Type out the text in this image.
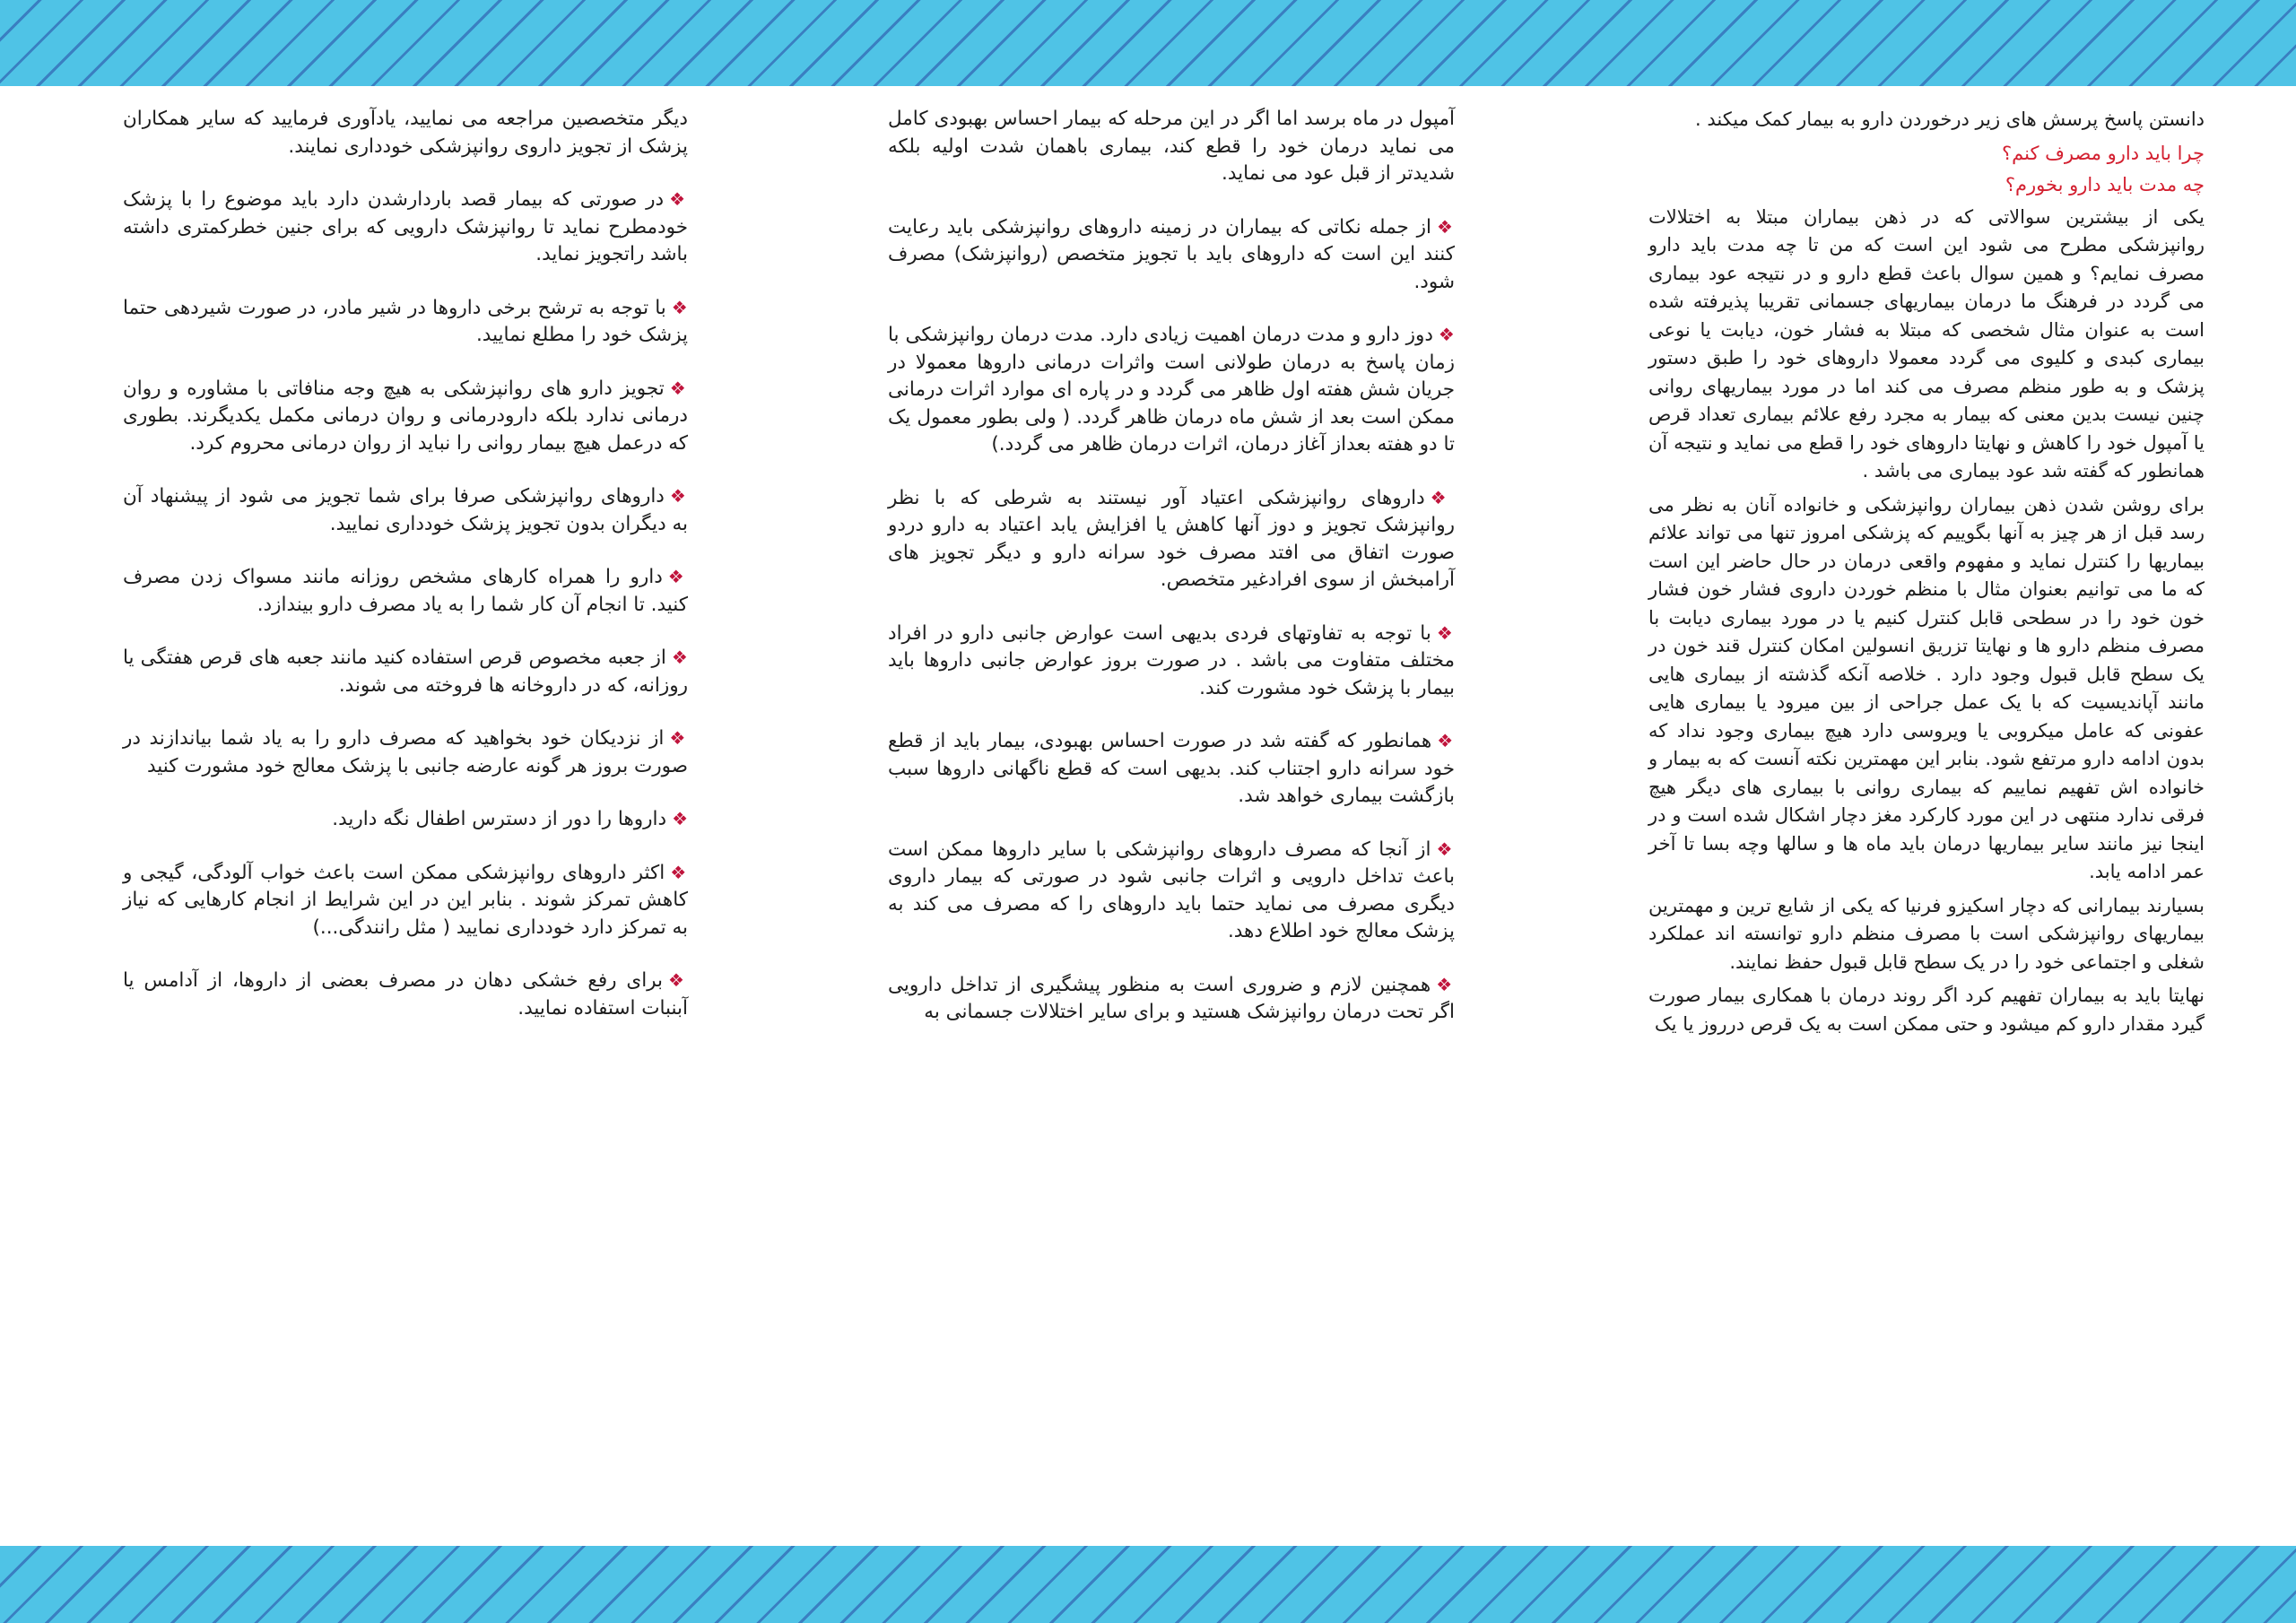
دانستن پاسخ پرسش های زیر درخوردن دارو به بیمار کمک میکند .

چرا باید دارو مصرف کنم؟

چه مدت باید دارو بخورم؟

یکی از بیشترین سوالاتی که در ذهن بیماران مبتلا به اختلالات روانپزشکی مطرح می شود این است که من تا چه مدت باید دارو مصرف نمایم؟ و همین سوال باعث قطع دارو و در نتیجه عود بیماری می گردد در فرهنگ ما درمان بیماریهای جسمانی تقریبا پذیرفته شده است به عنوان مثال شخصی که مبتلا به فشار خون، دیابت یا نوعی بیماری کبدی و کلیوی می گردد معمولا داروهای خود را طبق دستور پزشک و به طور منظم مصرف می کند اما در مورد بیماریهای روانی چنین نیست بدین معنی که بیمار به مجرد رفع علائم بیماری تعداد قرص یا آمپول خود را کاهش و نهایتا داروهای خود را قطع می نماید و نتیجه آن همانطور که گفته شد عود بیماری می باشد .

برای روشن شدن ذهن بیماران روانپزشکی و خانواده آنان به نظر می رسد قبل از هر چیز به آنها بگوییم که پزشکی امروز تنها می تواند علائم بیماریها را کنترل نماید و مفهوم واقعی درمان در حال حاضر این است که ما می توانیم بعنوان مثال با منظم خوردن داروی فشار خون فشار خون خود را در سطحی قابل کنترل کنیم یا در مورد بیماری دیابت با مصرف منظم دارو ها و نهایتا تزریق انسولین امکان کنترل قند خون در یک سطح قابل قبول وجود دارد . خلاصه آنکه گذشته از بیماری هایی مانند آپاندیسیت که با یک عمل جراحی از بین میرود یا بیماری هایی عفونی که عامل میکروبی یا ویروسی دارد هیچ بیماری وجود نداد که بدون ادامه دارو مرتفع شود. بنابر این مهمترین نکته آنست که به بیمار و خانواده اش تفهیم نماییم که بیماری روانی با بیماری های دیگر هیچ فرقی ندارد منتهی در این مورد کارکرد مغز دچار اشکال شده است و در اینجا نیز مانند سایر بیماریها درمان باید ماه ها و سالها وچه بسا تا آخر عمر ادامه یابد.

بسیارند بیمارانی که دچار اسکیزو فرنیا که یکی از شایع ترین و مهمترین بیماریهای روانپزشکی است با مصرف منظم دارو توانسته اند عملکرد شغلی و اجتماعی خود را در یک سطح قابل قبول حفظ نمایند.

نهایتا باید به بیماران تفهیم کرد اگر روند درمان با همکاری بیمار صورت گیرد مقدار دارو کم میشود و حتی ممکن است به یک قرص درروز یا یک

آمپول در ماه برسد اما اگر در این مرحله که بیمار احساس بهبودی کامل می نماید درمان خود را قطع کند، بیماری باهمان شدت اولیه بلکه شدیدتر از قبل عود می نماید.

❖از جمله نکاتی که بیماران در زمینه داروهای روانپزشکی باید رعایت کنند این است که داروهای باید با تجویز متخصص (روانپزشک) مصرف شود.
❖دوز دارو و مدت درمان اهمیت زیادی دارد. مدت درمان روانپزشکی با زمان پاسخ به درمان طولانی است واثرات درمانی داروها معمولا در جریان شش هفته اول ظاهر می گردد و در پاره ای موارد اثرات درمانی ممکن است بعد از شش ماه درمان ظاهر گردد. ( ولی بطور معمول یک تا دو هفته بعداز آغاز درمان، اثرات درمان ظاهر می گردد.)
❖داروهای روانپزشکی اعتیاد آور نیستند به شرطی که با نظر روانپزشک تجویز و دوز آنها کاهش یا افزایش یابد اعتیاد به دارو دردو صورت اتفاق می افتد مصرف خود سرانه دارو و دیگر تجویز های آرامبخش از سوی افرادغیر متخصص.
❖با توجه به تفاوتهای فردی بدیهی است عوارض جانبی دارو در افراد مختلف متفاوت می باشد . در صورت بروز عوارض جانبی داروها باید بیمار با پزشک خود مشورت کند.
❖همانطور که گفته شد در صورت احساس بهبودی، بیمار باید از قطع خود سرانه دارو اجتناب کند. بدیهی است که قطع ناگهانی داروها سبب بازگشت بیماری خواهد شد.
❖از آنجا که مصرف داروهای روانپزشکی با سایر داروها ممکن است باعث تداخل دارویی و اثرات جانبی شود در صورتی که بیمار داروی دیگری مصرف می نماید حتما باید داروهای را که مصرف می کند به پزشک معالج خود اطلاع دهد.
❖همچنین لازم و ضروری است به منظور پیشگیری از تداخل دارویی اگر تحت درمان روانپزشک هستید و برای سایر اختلالات جسمانی به

دیگر متخصصین مراجعه می نمایید، یادآوری فرمایید که سایر همکاران پزشک از تجویز داروی روانپزشکی خودداری نمایند.

❖در صورتی که بیمار قصد باردارشدن دارد باید موضوع را با پزشک خودمطرح نماید تا روانپزشک دارویی که برای جنین خطرکمتری داشته باشد راتجویز نماید.
❖با توجه به ترشح برخی داروها در شیر مادر، در صورت شیردهی حتما پزشک خود را مطلع نمایید.
❖تجویز دارو های روانپزشکی به هیچ وجه منافاتی با مشاوره و روان درمانی ندارد بلکه دارودرمانی و روان درمانی مکمل یکدیگرند. بطوری که درعمل هیچ بیمار روانی را نباید از روان درمانی محروم کرد.
❖داروهای روانپزشکی صرفا برای شما تجویز می شود از پیشنهاد آن به دیگران بدون تجویز پزشک خودداری نمایید.
❖دارو را همراه کارهای مشخص روزانه مانند مسواک زدن مصرف کنید. تا انجام آن کار شما را به یاد مصرف دارو بیندازد.
❖از جعبه مخصوص قرص استفاده کنید مانند جعبه های قرص هفتگی یا روزانه، که در داروخانه ها فروخته می شوند.
❖از نزدیکان خود بخواهید که مصرف دارو را به یاد شما بیاندازند در صورت بروز هر گونه عارضه جانبی با پزشک معالج خود مشورت کنید
❖داروها را دور از دسترس اطفال نگه دارید.
❖اکثر داروهای روانپزشکی ممکن است باعث خواب آلودگی، گیجی و کاهش تمرکز شوند . بنابر این در این شرایط از انجام کارهایی که نیاز به تمرکز دارد خودداری نمایید ( مثل رانندگی...)
❖برای رفع خشکی دهان در مصرف بعضی از داروها، از آدامس یا آبنبات استفاده نمایید.
